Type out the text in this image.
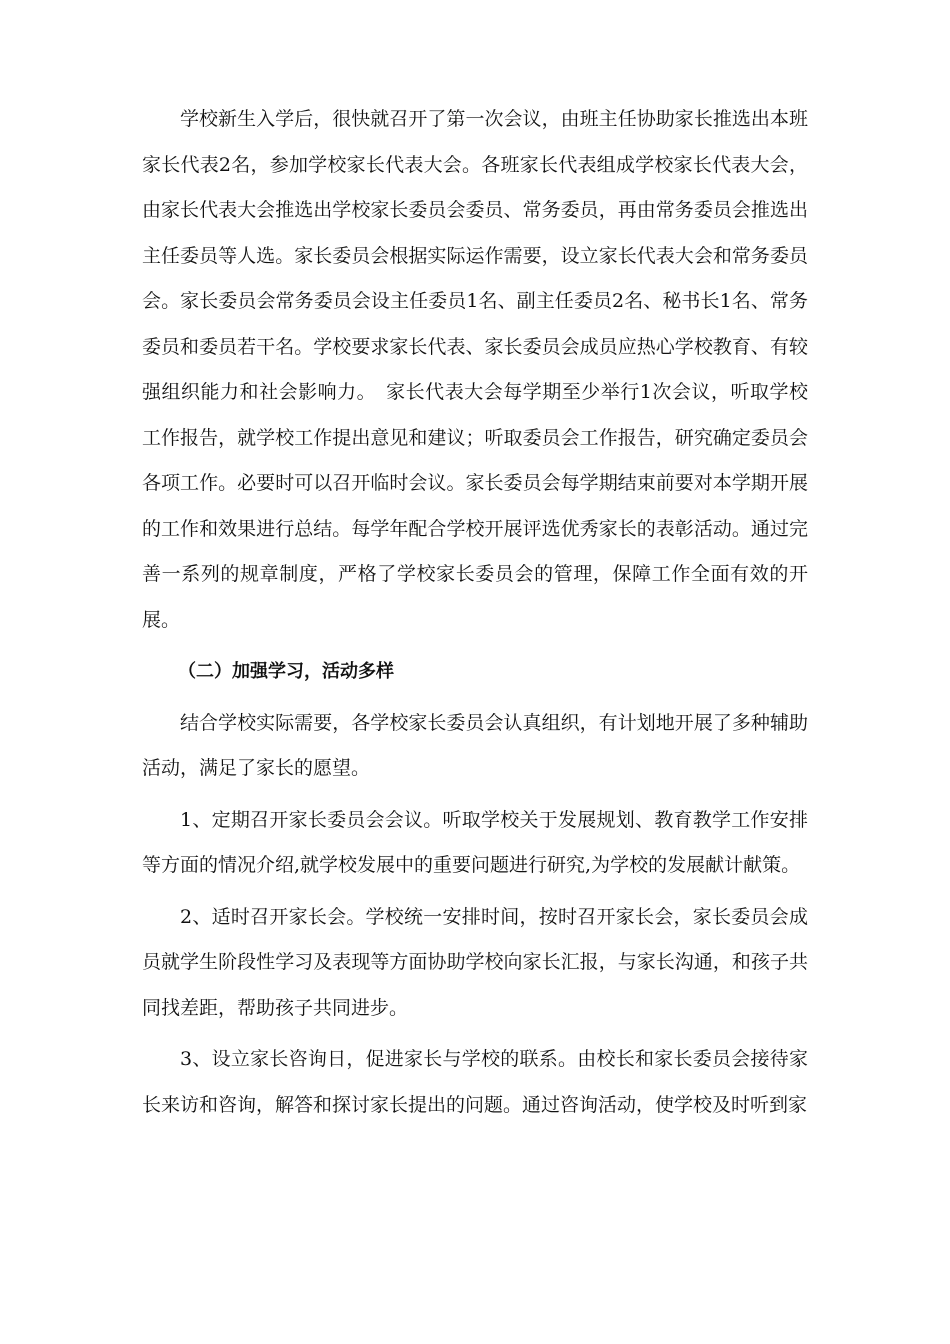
学校新生入学后，很快就召开了第一次会议，由班主任协助家长推选出本班家长代表2名，参加学校家长代表大会。各班家长代表组成学校家长代表大会，由家长代表大会推选出学校家长委员会委员、常务委员，再由常务委员会推选出主任委员等人选。家长委员会根据实际运作需要，设立家长代表大会和常务委员会。家长委员会常务委员会设主任委员1名、副主任委员2名、秘书长1名、常务委员和委员若干名。学校要求家长代表、家长委员会成员应热心学校教育、有较强组织能力和社会影响力。　家长代表大会每学期至少举行1次会议，听取学校工作报告，就学校工作提出意见和建议；听取委员会工作报告，研究确定委员会各项工作。必要时可以召开临时会议。家长委员会每学期结束前要对本学期开展的工作和效果进行总结。每学年配合学校开展评选优秀家长的表彰活动。通过完善一系列的规章制度，严格了学校家长委员会的管理，保障工作全面有效的开展。

（二）加强学习，活动多样

结合学校实际需要，各学校家长委员会认真组织，有计划地开展了多种辅助活动，满足了家长的愿望。

1、定期召开家长委员会会议。听取学校关于发展规划、教育教学工作安排等方面的情况介绍,就学校发展中的重要问题进行研究,为学校的发展献计献策。

2、适时召开家长会。学校统一安排时间，按时召开家长会，家长委员会成员就学生阶段性学习及表现等方面协助学校向家长汇报，与家长沟通，和孩子共同找差距，帮助孩子共同进步。

3、设立家长咨询日，促进家长与学校的联系。由校长和家长委员会接待家长来访和咨询，解答和探讨家长提出的问题。通过咨询活动，使学校及时听到家
